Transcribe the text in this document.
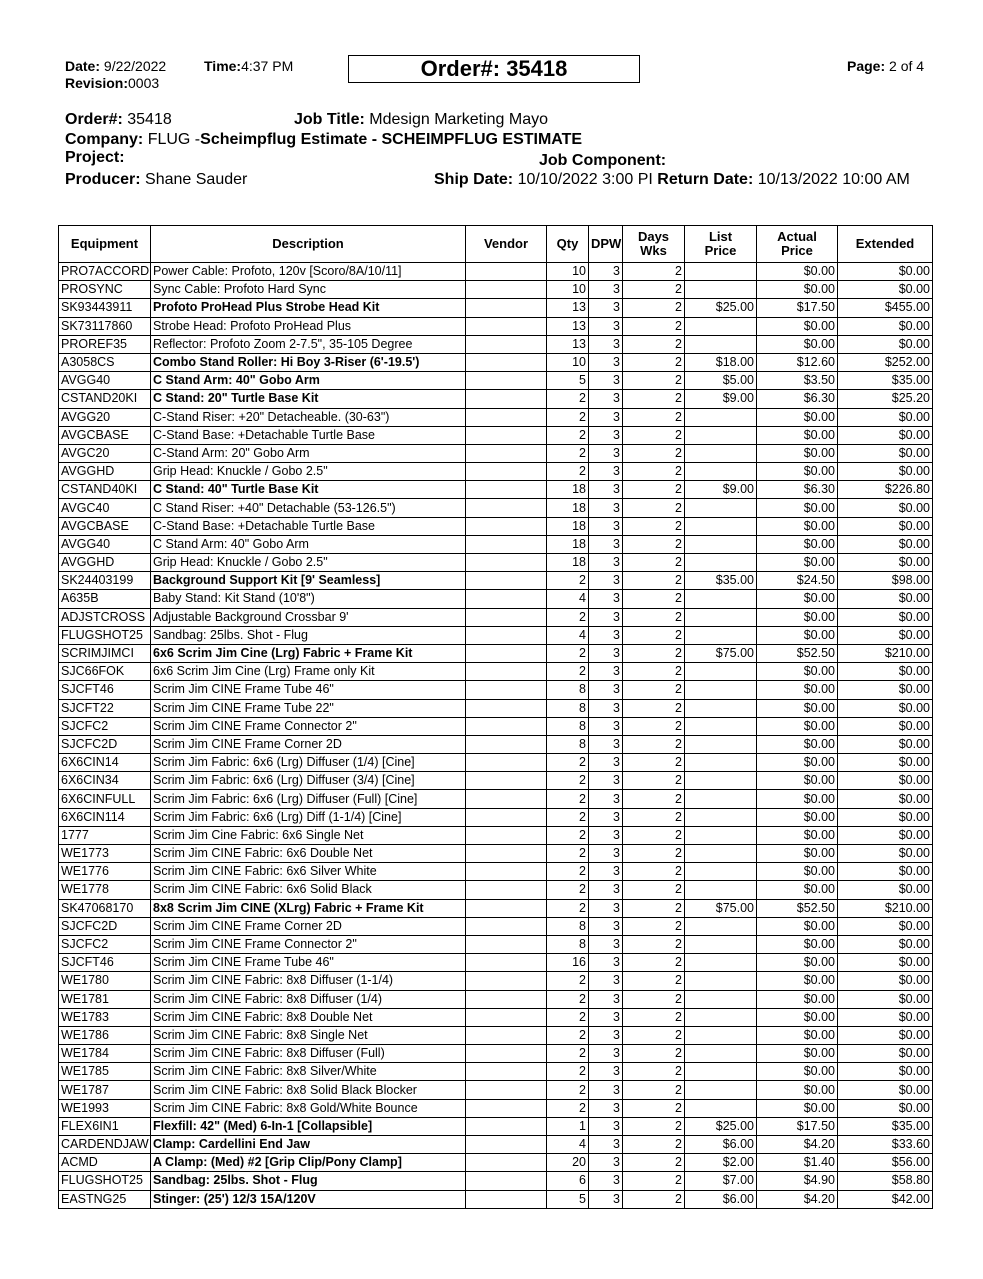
Date: 9/22/2022	Time:4:37 PM
Revision:0003
Order#: 35418	Page: 2 of 4
Order#: 35418	Job Title: Mdesign Marketing Mayo
Company: FLUG -Scheimpflug Estimate - SCHEIMPFLUG ESTIMATE
Project:	Job Component:
Producer: Shane Sauder	Ship Date: 10/10/2022 3:00 PI Return Date: 10/13/2022 10:00 AM
Equipment	Description	Vendor	Qty	DPW	Days Wks	List Price	Actual Price	Extended
PRO7ACCORD	Power Cable: Profoto, 120v [Scoro/8A/10/11]		10	3	2		$0.00	$0.00
PROSYNC	Sync Cable: Profoto Hard Sync		10	3	2		$0.00	$0.00
SK93443911	Profoto ProHead Plus Strobe Head Kit		13	3	2	$25.00	$17.50	$455.00
SK73117860	Strobe Head: Profoto ProHead Plus		13	3	2		$0.00	$0.00
PROREF35	Reflector: Profoto Zoom 2-7.5", 35-105 Degree		13	3	2		$0.00	$0.00
A3058CS	Combo Stand Roller: Hi Boy 3-Riser (6'-19.5')		10	3	2	$18.00	$12.60	$252.00
AVGG40	C Stand Arm: 40" Gobo Arm		5	3	2	$5.00	$3.50	$35.00
CSTAND20KI	C Stand: 20" Turtle Base Kit		2	3	2	$9.00	$6.30	$25.20
AVGG20	C-Stand Riser: +20" Detacheable. (30-63")		2	3	2		$0.00	$0.00
AVGCBASE	C-Stand Base: +Detachable Turtle Base		2	3	2		$0.00	$0.00
AVGC20	C-Stand Arm: 20" Gobo Arm		2	3	2		$0.00	$0.00
AVGGHD	Grip Head: Knuckle / Gobo 2.5"		2	3	2		$0.00	$0.00
CSTAND40KI	C Stand: 40" Turtle Base Kit		18	3	2	$9.00	$6.30	$226.80
AVGC40	C Stand Riser: +40" Detachable (53-126.5")		18	3	2		$0.00	$0.00
AVGCBASE	C-Stand Base: +Detachable Turtle Base		18	3	2		$0.00	$0.00
AVGG40	C Stand Arm: 40" Gobo Arm		18	3	2		$0.00	$0.00
AVGGHD	Grip Head: Knuckle / Gobo 2.5"		18	3	2		$0.00	$0.00
SK24403199	Background Support Kit [9' Seamless]		2	3	2	$35.00	$24.50	$98.00
A635B	Baby Stand: Kit Stand (10'8")		4	3	2		$0.00	$0.00
ADJSTCROSS	Adjustable Background Crossbar 9'		2	3	2		$0.00	$0.00
FLUGSHOT25	Sandbag: 25lbs. Shot - Flug		4	3	2		$0.00	$0.00
SCRIMJIMCI	6x6 Scrim Jim Cine (Lrg) Fabric + Frame Kit		2	3	2	$75.00	$52.50	$210.00
SJC66FOK	6x6 Scrim Jim Cine (Lrg) Frame only Kit		2	3	2		$0.00	$0.00
SJCFT46	Scrim Jim CINE Frame Tube 46"		8	3	2		$0.00	$0.00
SJCFT22	Scrim Jim CINE Frame Tube 22"		8	3	2		$0.00	$0.00
SJCFC2	Scrim Jim CINE Frame Connector 2"		8	3	2		$0.00	$0.00
SJCFC2D	Scrim Jim CINE Frame Corner 2D		8	3	2		$0.00	$0.00
6X6CIN14	Scrim Jim Fabric: 6x6 (Lrg) Diffuser (1/4) [Cine]		2	3	2		$0.00	$0.00
6X6CIN34	Scrim Jim Fabric: 6x6 (Lrg) Diffuser (3/4) [Cine]		2	3	2		$0.00	$0.00
6X6CINFULL	Scrim Jim Fabric: 6x6 (Lrg) Diffuser (Full) [Cine]		2	3	2		$0.00	$0.00
6X6CIN114	Scrim Jim Fabric: 6x6 (Lrg) Diff (1-1/4) [Cine]		2	3	2		$0.00	$0.00
1777	Scrim Jim Cine Fabric: 6x6 Single Net		2	3	2		$0.00	$0.00
WE1773	Scrim Jim CINE Fabric: 6x6 Double Net		2	3	2		$0.00	$0.00
WE1776	Scrim Jim CINE Fabric: 6x6 Silver White		2	3	2		$0.00	$0.00
WE1778	Scrim Jim CINE Fabric: 6x6 Solid Black		2	3	2		$0.00	$0.00
SK47068170	8x8 Scrim Jim CINE (XLrg) Fabric + Frame Kit		2	3	2	$75.00	$52.50	$210.00
SJCFC2D	Scrim Jim CINE Frame Corner 2D		8	3	2		$0.00	$0.00
SJCFC2	Scrim Jim CINE Frame Connector 2"		8	3	2		$0.00	$0.00
SJCFT46	Scrim Jim CINE Frame Tube 46"		16	3	2		$0.00	$0.00
WE1780	Scrim Jim CINE Fabric: 8x8 Diffuser (1-1/4)		2	3	2		$0.00	$0.00
WE1781	Scrim Jim CINE Fabric: 8x8 Diffuser (1/4)		2	3	2		$0.00	$0.00
WE1783	Scrim Jim CINE Fabric: 8x8 Double Net		2	3	2		$0.00	$0.00
WE1786	Scrim Jim CINE Fabric: 8x8 Single Net		2	3	2		$0.00	$0.00
WE1784	Scrim Jim CINE Fabric: 8x8 Diffuser (Full)		2	3	2		$0.00	$0.00
WE1785	Scrim Jim CINE Fabric: 8x8 Silver/White		2	3	2		$0.00	$0.00
WE1787	Scrim Jim CINE Fabric: 8x8 Solid Black Blocker		2	3	2		$0.00	$0.00
WE1993	Scrim Jim CINE Fabric: 8x8 Gold/White Bounce		2	3	2		$0.00	$0.00
FLEX6IN1	Flexfill: 42" (Med) 6-In-1 [Collapsible]		1	3	2	$25.00	$17.50	$35.00
CARDENDJAW	Clamp: Cardellini End Jaw		4	3	2	$6.00	$4.20	$33.60
ACMD	A Clamp: (Med) #2 [Grip Clip/Pony Clamp]		20	3	2	$2.00	$1.40	$56.00
FLUGSHOT25	Sandbag: 25lbs. Shot - Flug		6	3	2	$7.00	$4.90	$58.80
EASTNG25	Stinger: (25') 12/3 15A/120V		5	3	2	$6.00	$4.20	$42.00
